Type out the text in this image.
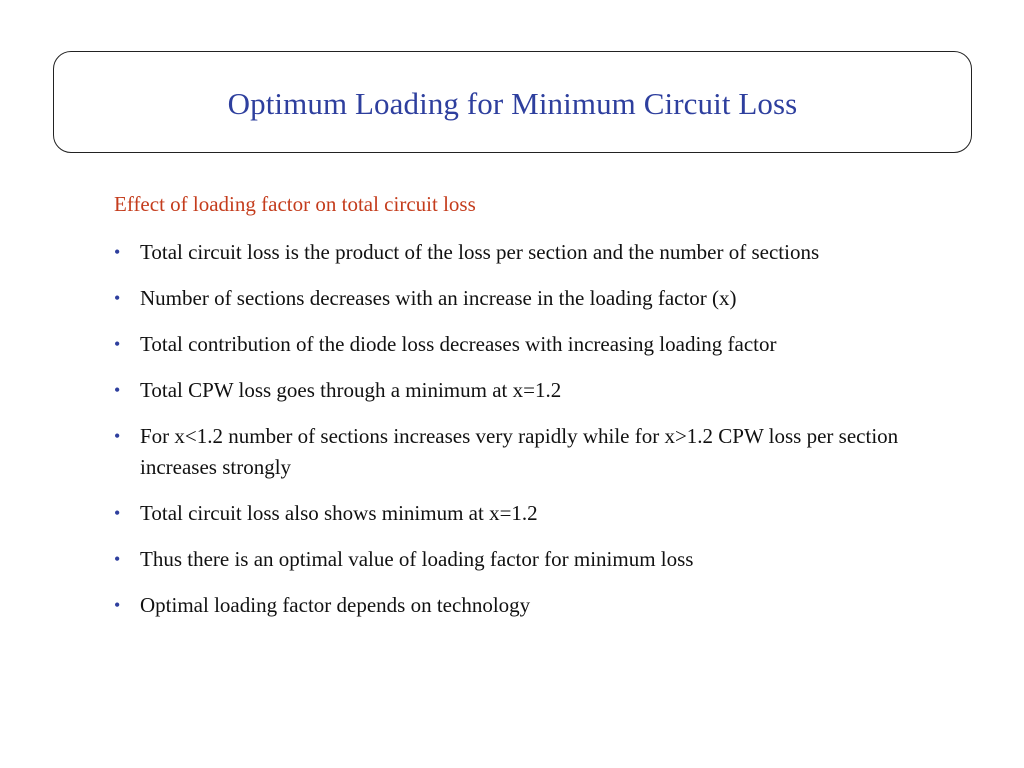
Optimum Loading for Minimum Circuit Loss

Effect of loading factor on total circuit loss

• Total circuit loss is the product of the loss per section and the number of sections
• Number of sections decreases with an increase in the loading factor (x)
• Total contribution of the diode loss decreases with increasing loading factor
• Total CPW loss goes through a minimum at x=1.2
• For x<1.2 number of sections increases very rapidly while for x>1.2 CPW loss per section increases strongly
• Total circuit loss also shows minimum at x=1.2
• Thus there is an optimal value of loading factor for minimum loss
• Optimal loading factor depends on technology
